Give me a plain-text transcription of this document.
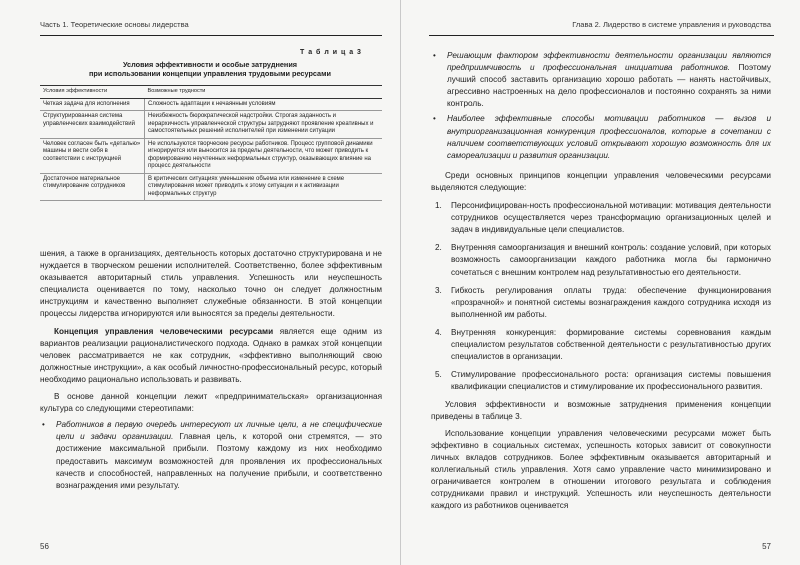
Часть 1. Теоретические основы лидерства
Т а б л и ц а 3
Условия эффективности и особые затруднения
при использовании концепции управления трудовыми ресурсами
Условия эффективности	Возможные трудности
Четкая задача для исполнения	Сложность адаптации к нечаянным условиям
Структурированная система управленческих взаимодействий	Неизбежность бюрократической надстройки. Строгая заданность и иерархичность управленческой структуры затрудняют проявление креативных и самостоятельных решений исполнителей при изменении ситуации
Человек согласен быть «деталью» машины и вести себя в соответствии с инструкцией	Не используются творческие ресурсы работников. Процесс групповой динамики игнорируется или выносится за пределы деятельности, что может приводить к формированию неучтенных неформальных структур, оказывающих влияние на процесс деятельности
Достаточное материальное стимулирование сотрудников	В критических ситуациях уменьшение объема или изменение в схеме стимулирования может приводить к этому ситуации и к активизации неформальных структур

шения, а также в организациях, деятельность которых достаточно структурирована и не нуждается в творческом решении исполнителей. Соответственно, более эффективным оказывается авторитарный стиль управления. Успешность или неуспешность специалиста оценивается по тому, насколько точно он следует должностным инструкциям и качественно выполняет служебные обязанности. В этой концепции процессы лидерства игнорируются или выносятся за пределы деятельности.

Концепция управления человеческими ресурсами является еще одним из вариантов реализации рационалистического подхода. Однако в рамках этой концепции человек рассматривается не как сотрудник, «эффективно выполняющий свою должностные инструкции», а как особый личностно-профессиональный ресурс, который необходимо рационально использовать и развивать.

В основе данной концепции лежит «предпринимательская» организационная культура со следующими стереотипами:

• Работников в первую очередь интересуют их личные цели, а не специфические цели и задачи организации. Главная цель, к которой они стремятся, — это достижение максимальной прибыли. Поэтому каждому из них необходимо предоставить максимум возможностей для проявления их профессиональных качеств и способностей, направленных на получение прибыли, и соответственно вознаграждения ими результату.
56
Глава 2. Лидерство в системе управления и руководства
• Решающим фактором эффективности деятельности организации являются предприимчивость и профессиональная инициатива работников. Поэтому лучший способ заставить организацию хорошо работать — нанять настойчивых, агрессивно настроенных на дело профессионалов и постоянно сохранять за ними контроль.
• Наиболее эффективные способы мотивации работников — вызов и внутриорганизационная конкуренция профессионалов, которые в сочетании с наличием соответствующих условий открывают хорошую возможность для их самореализации и развития организации.

Среди основных принципов концепции управления человеческими ресурсами выделяются следующие:

1. Персонифицирован-ность профессиональной мотивации: мотивация деятельности сотрудников осуществляется через трансформацию организационных целей и задач в индивидуальные цели специалистов.
2. Внутренняя самоорганизация и внешний контроль: создание условий, при которых возможность самоорганизации каждого работника могла бы гармонично сочетаться с внешним контролем над результативностью его деятельности.
3. Гибкость регулирования оплаты труда: обеспечение функционирования «прозрачной» и понятной системы вознаграждения каждого сотрудника исходя из выполненной им работы.
4. Внутренняя конкуренция: формирование системы соревнования каждым специалистом результатов собственной деятельности с результативностью других специалистов в организации.
5. Стимулирование профессионального роста: организация системы повышения квалификации специалистов и стимулирование их профессионального развития.

Условия эффективности и возможные затруднения применения концепции приведены в таблице 3.

Использование концепции управления человеческими ресурсами может быть эффективно в социальных системах, успешность которых зависит от совокупности личных вкладов сотрудников. Более эффективным оказывается авторитарный и коллегиальный стиль управления. Хотя само управление часто минимизировано и ограничивается контролем в отношении итогового результата и соблюдения сотрудниками правил и инструкций. Успешность или неуспешность деятельности каждого из работников оценивается

57
